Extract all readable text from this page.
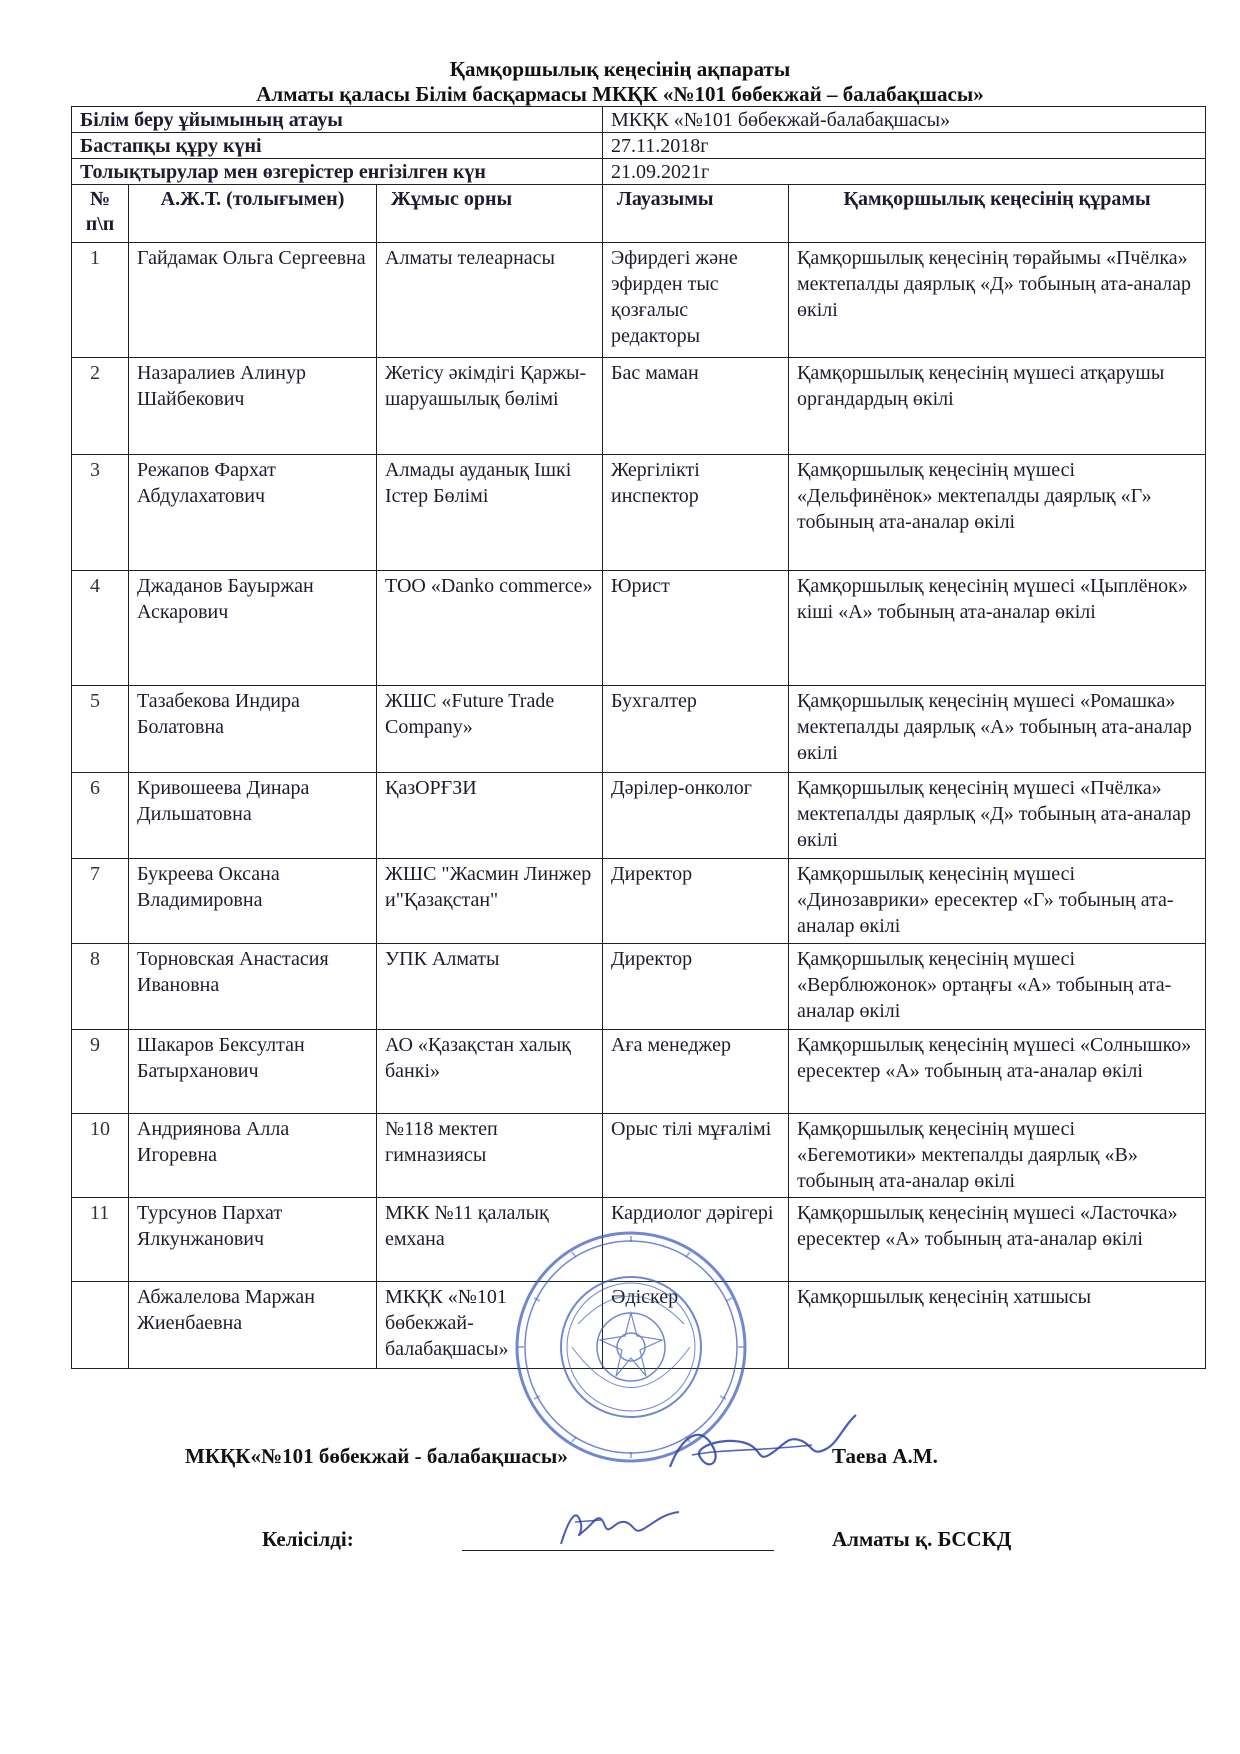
Қамқоршылық кеңесінің ақпараты
Алматы қаласы Білім басқармасы МКҚК «№101 бөбекжай – балабақшасы»
Білім беру ұйымының атауы			МКҚК «№101 бөбекжай-балабақшасы»	
Бастапқы құру күні			27.11.2018г	
Толықтырулар мен өзгерістер енгізілген күн			21.09.2021г	
№ п\п	А.Ж.Т. (толығымен)	Жұмыс орны	Лауазымы	Қамқоршылық кеңесінің құрамы
1	Гайдамак Ольга Сергеевна	Алматы телеарнасы	Эфирдегі және эфирден тыс қозғалыс редакторы	Қамқоршылық кеңесінің төрайымы «Пчёлка» мектепалды даярлық «Д» тобының ата-аналар өкілі
2	Назаралиев Алинур Шайбекович	Жетісу әкімдігі Қаржы-шаруашылық бөлімі	Бас маман	Қамқоршылық кеңесінің мүшесі атқарушы органдардың өкілі
3	Режапов Фархат Абдулахатович	Алмады ауданық Ішкі Істер Бөлімі	Жергілікті инспектор	Қамқоршылық кеңесінің мүшесі «Дельфинёнок» мектепалды даярлық «Г» тобының ата-аналар өкілі
4	Джаданов Бауыржан Аскарович	ТОО «Danko commerce»	Юрист	Қамқоршылық кеңесінің мүшесі «Цыплёнок» кіші «А» тобының ата-аналар өкілі
5	Тазабекова Индира Болатовна	ЖШС «Future Trade Company»	Бухгалтер	Қамқоршылық кеңесінің мүшесі «Ромашка» мектепалды даярлық «А» тобының ата-аналар өкілі
6	Кривошеева Динара Дильшатовна	ҚазОРҒЗИ	Дәрілер-онколог	Қамқоршылық кеңесінің мүшесі «Пчёлка» мектепалды даярлық «Д» тобының ата-аналар өкілі
7	Букреева Оксана Владимировна	ЖШС "Жасмин Линжери"Қазақстан"	Директор	Қамқоршылық кеңесінің мүшесі «Динозаврики» ересектер «Г» тобының ата-аналар өкілі
8	Торновская Анастасия Ивановна	УПК Алматы	Директор	Қамқоршылық кеңесінің мүшесі «Верблюжонок» ортаңғы «А» тобының ата-аналар өкілі
9	Шакаров Бексултан Батырханович	АО «Қазақстан халық банкі»	Аға менеджер	Қамқоршылық кеңесінің мүшесі «Солнышко» ересектер «А» тобының ата-аналар өкілі
10	Андриянова Алла Игоревна	№118 мектеп гимназиясы	Орыс тілі мұғалімі	Қамқоршылық кеңесінің мүшесі «Бегемотики» мектепалды даярлық «В» тобының ата-аналар өкілі
11	Турсунов Пархат Ялкунжанович	МКК №11 қалалық емхана	Кардиолог дәрігері	Қамқоршылық кеңесінің мүшесі «Ласточка» ересектер «А» тобының ата-аналар өкілі
	Абжалелова Маржан Жиенбаевна	МКҚК «№101 бөбекжай-балабақшасы»	Әдіскер	Қамқоршылық кеңесінің хатшысы
МКҚК«№101 бөбекжай - балабақшасы»	Таева А.М.
Келісілді:	Алматы қ. БССКД
